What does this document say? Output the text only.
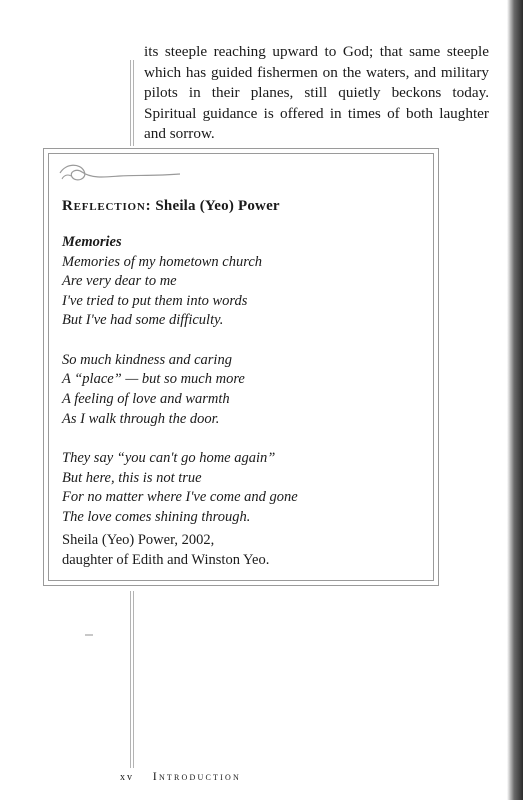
its steeple reaching upward to God; that same steeple which has guided fishermen on the waters, and military pilots in their planes, still quietly beckons today. Spiritual guidance is offered in times of both laughter and sorrow.

Reflection: Sheila (Yeo) Power

Memories

Memories of my hometown church

Are very dear to me

I've tried to put them into words

But I've had some difficulty.

So much kindness and caring

A “place” — but so much more

A feeling of love and warmth

As I walk through the door.

They say “you can't go home again”

But here, this is not true

For no matter where I've come and gone

The love comes shining through.

Sheila (Yeo) Power, 2002,

daughter of Edith and Winston Yeo.

xv Introduction
